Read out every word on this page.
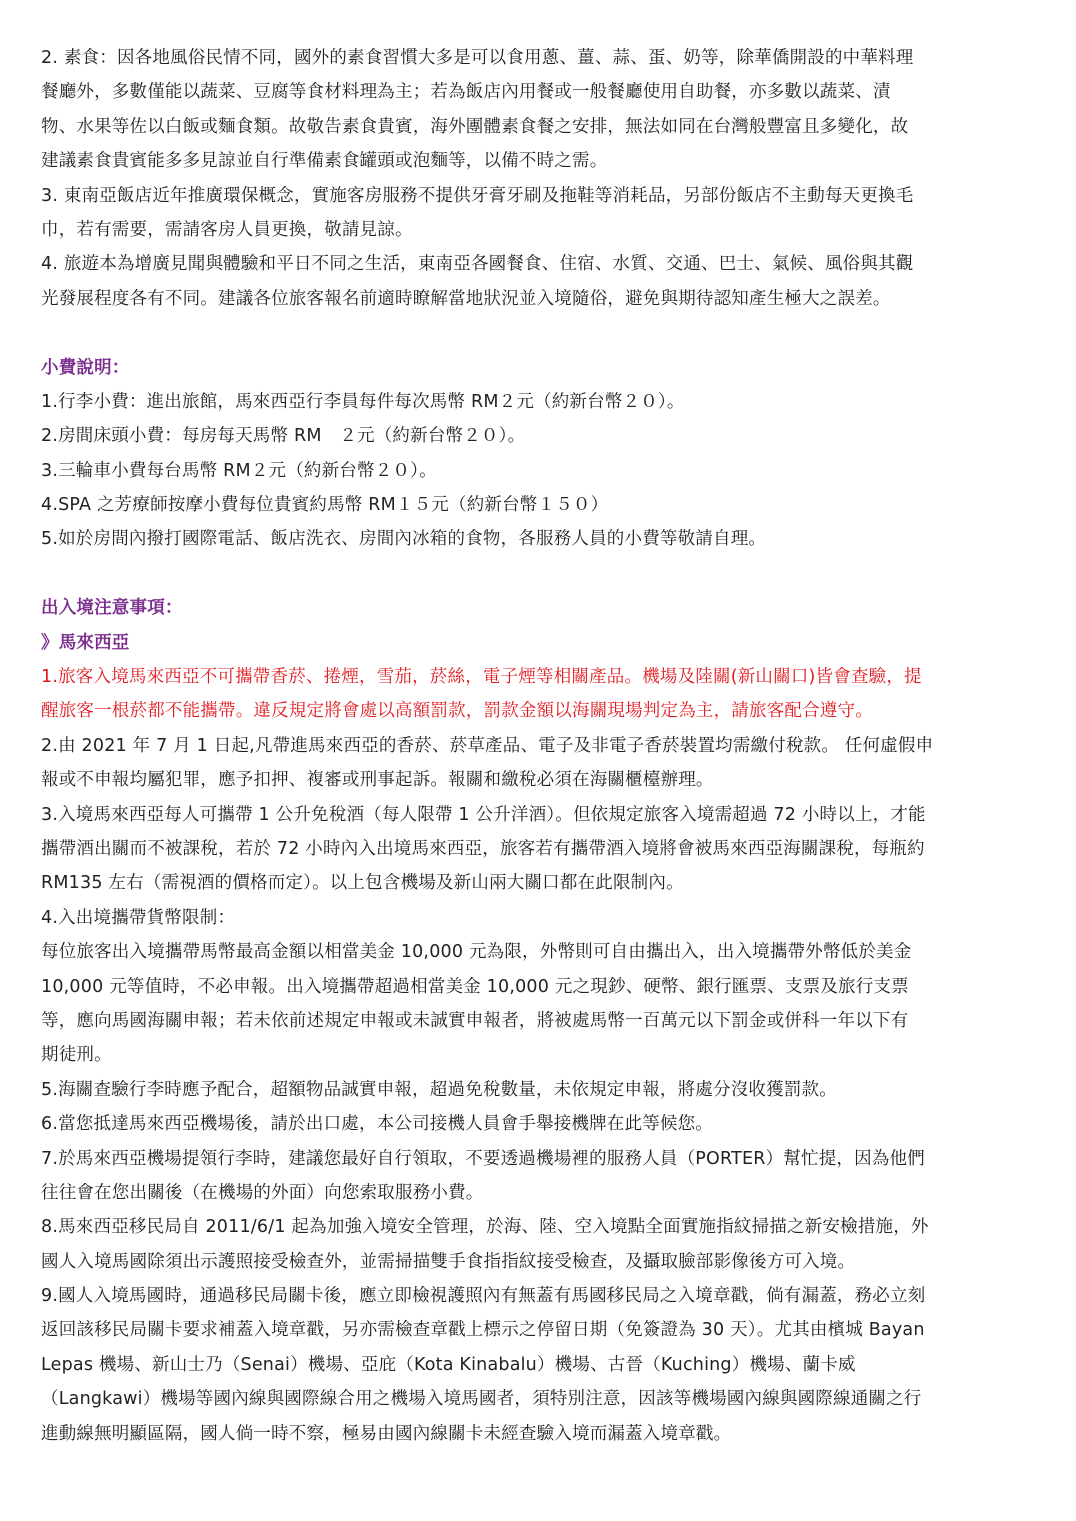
2. 素食：因各地風俗民情不同，國外的素食習慣大多是可以食用蔥、薑、蒜、蛋、奶等，除華僑開設的中華料理
餐廳外，多數僅能以蔬菜、豆腐等食材料理為主；若為飯店內用餐或一般餐廳使用自助餐，亦多數以蔬菜、漬
物、水果等佐以白飯或麵食類。故敬告素食貴賓，海外團體素食餐之安排，無法如同在台灣般豐富且多變化，故
建議素食貴賓能多多見諒並自行準備素食罐頭或泡麵等，以備不時之需。
3. 東南亞飯店近年推廣環保概念，實施客房服務不提供牙膏牙刷及拖鞋等消耗品，另部份飯店不主動每天更換毛
巾，若有需要，需請客房人員更換，敬請見諒。
4. 旅遊本為增廣見聞與體驗和平日不同之生活，東南亞各國餐食、住宿、水質、交通、巴士、氣候、風俗與其觀
光發展程度各有不同。建議各位旅客報名前適時瞭解當地狀況並入境隨俗，避免與期待認知產生極大之誤差。
小費說明：
1.行李小費：進出旅館，馬來西亞行李員每件每次馬幣 RM２元（約新台幣２０）。
2.房間床頭小費：每房每天馬幣 RM　２元（約新台幣２０）。
3.三輪車小費每台馬幣 RM２元（約新台幣２０）。
4.SPA 之芳療師按摩小費每位貴賓約馬幣 RM１５元（約新台幣１５０）
5.如於房間內撥打國際電話、飯店洗衣、房間內冰箱的食物，各服務人員的小費等敬請自理。
出入境注意事項：
》馬來西亞
1.旅客入境馬來西亞不可攜帶香菸、捲煙，雪茄，菸絲，電子煙等相關產品。機場及陸關(新山關口)皆會查驗，提
醒旅客一根菸都不能攜帶。違反規定將會處以高額罰款，罰款金額以海關現場判定為主，請旅客配合遵守。
2.由 2021 年 7 月 1 日起,凡帶進馬來西亞的香菸、菸草產品、電子及非電子香菸裝置均需繳付稅款。 任何虛假申
報或不申報均屬犯罪，應予扣押、複審或刑事起訴。報關和繳稅必須在海關櫃檯辦理。
3.入境馬來西亞每人可攜帶 1 公升免稅酒（每人限帶 1 公升洋酒）。但依規定旅客入境需超過 72 小時以上，才能
攜帶酒出關而不被課稅，若於 72 小時內入出境馬來西亞，旅客若有攜帶酒入境將會被馬來西亞海關課稅，每瓶約
RM135 左右（需視酒的價格而定）。以上包含機場及新山兩大關口都在此限制內。
4.入出境攜帶貨幣限制：
每位旅客出入境攜帶馬幣最高金額以相當美金 10,000 元為限，外幣則可自由攜出入，出入境攜帶外幣低於美金
10,000 元等值時，不必申報。出入境攜帶超過相當美金 10,000 元之現鈔、硬幣、銀行匯票、支票及旅行支票
等，應向馬國海關申報；若未依前述規定申報或未誠實申報者，將被處馬幣一百萬元以下罰金或併科一年以下有
期徒刑。
5.海關查驗行李時應予配合，超額物品誠實申報，超過免稅數量，未依規定申報，將處分沒收獲罰款。
6.當您抵達馬來西亞機場後，請於出口處，本公司接機人員會手舉接機牌在此等候您。
7.於馬來西亞機場提領行李時，建議您最好自行領取，不要透過機場裡的服務人員（PORTER）幫忙提，因為他們
往往會在您出關後（在機場的外面）向您索取服務小費。
8.馬來西亞移民局自 2011/6/1 起為加強入境安全管理，於海、陸、空入境點全面實施指紋掃描之新安檢措施，外
國人入境馬國除須出示護照接受檢查外，並需掃描雙手食指指紋接受檢查，及攝取臉部影像後方可入境。
9.國人入境馬國時，通過移民局關卡後，應立即檢視護照內有無蓋有馬國移民局之入境章戳，倘有漏蓋，務必立刻
返回該移民局關卡要求補蓋入境章戳，另亦需檢查章戳上標示之停留日期（免簽證為 30 天）。尤其由檳城 Bayan
Lepas 機場、新山士乃（Senai）機場、亞庇（Kota Kinabalu）機場、古晉（Kuching）機場、蘭卡威
（Langkawi）機場等國內線與國際線合用之機場入境馬國者，須特別注意，因該等機場國內線與國際線通關之行
進動線無明顯區隔，國人倘一時不察，極易由國內線關卡未經查驗入境而漏蓋入境章戳。
